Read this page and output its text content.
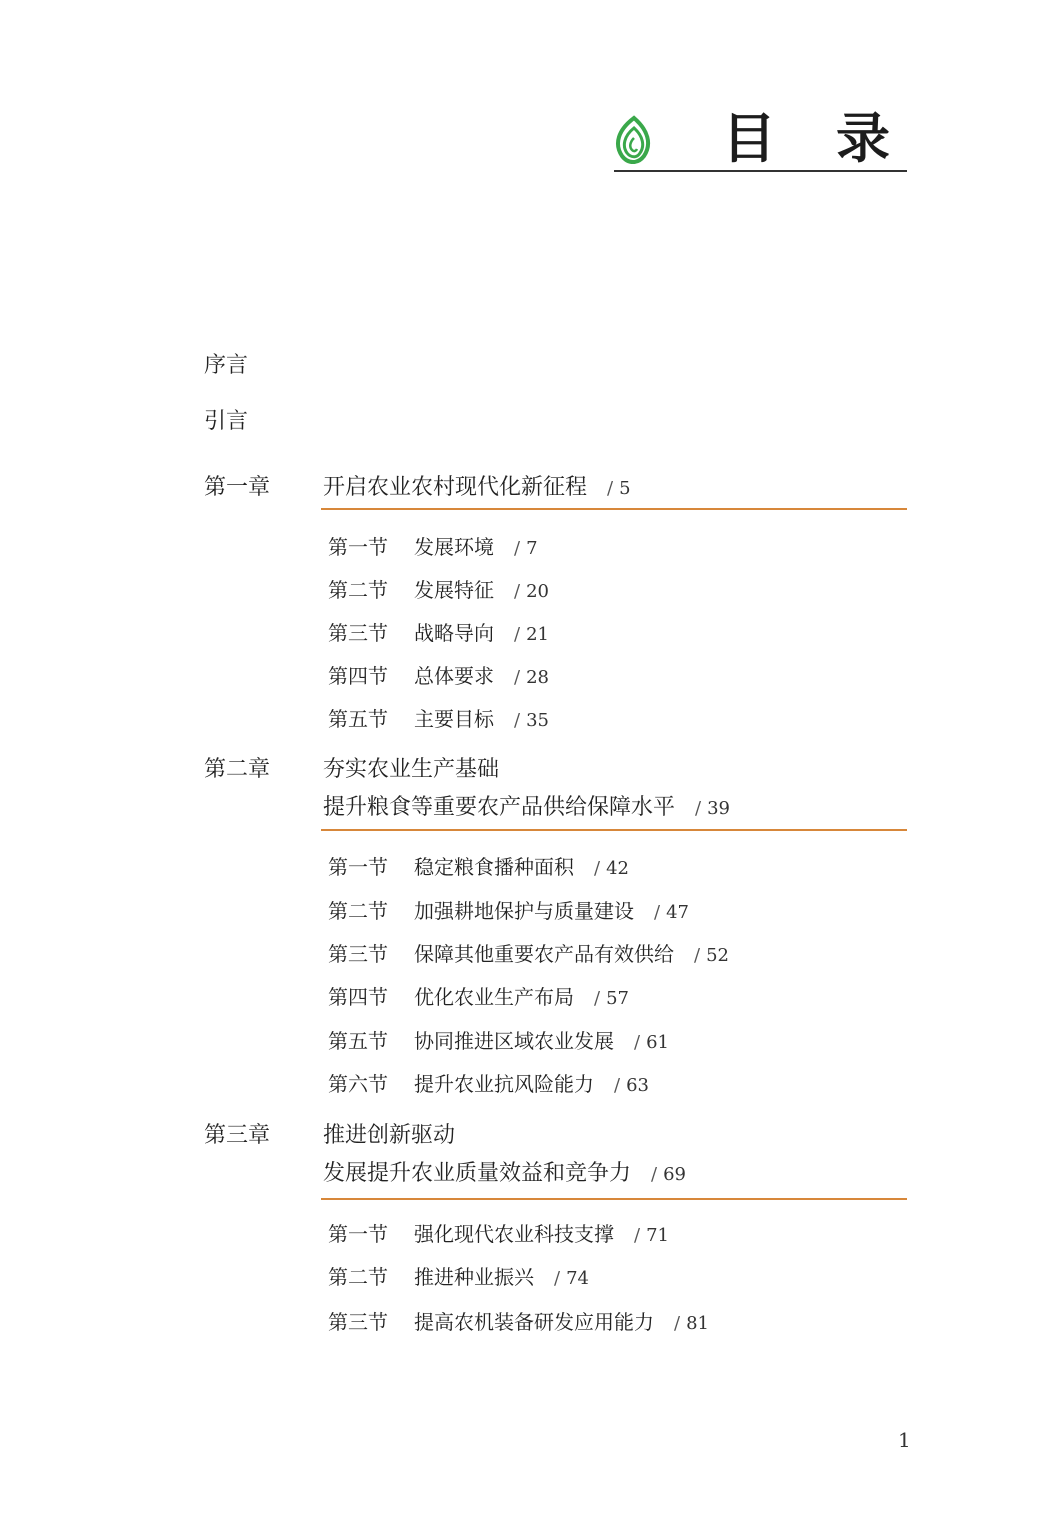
目 录
序言
引言
第一章 开启农业农村现代化新征程 / 5
第一节 发展环境 / 7
第二节 发展特征 / 20
第三节 战略导向 / 21
第四节 总体要求 / 28
第五节 主要目标 / 35
第二章 夯实农业生产基础
提升粮食等重要农产品供给保障水平 / 39
第一节 稳定粮食播种面积 / 42
第二节 加强耕地保护与质量建设 / 47
第三节 保障其他重要农产品有效供给 / 52
第四节 优化农业生产布局 / 57
第五节 协同推进区域农业发展 / 61
第六节 提升农业抗风险能力 / 63
第三章 推进创新驱动
发展提升农业质量效益和竞争力 / 69
第一节 强化现代农业科技支撑 / 71
第二节 推进种业振兴 / 74
第三节 提高农机装备研发应用能力 / 81
1
